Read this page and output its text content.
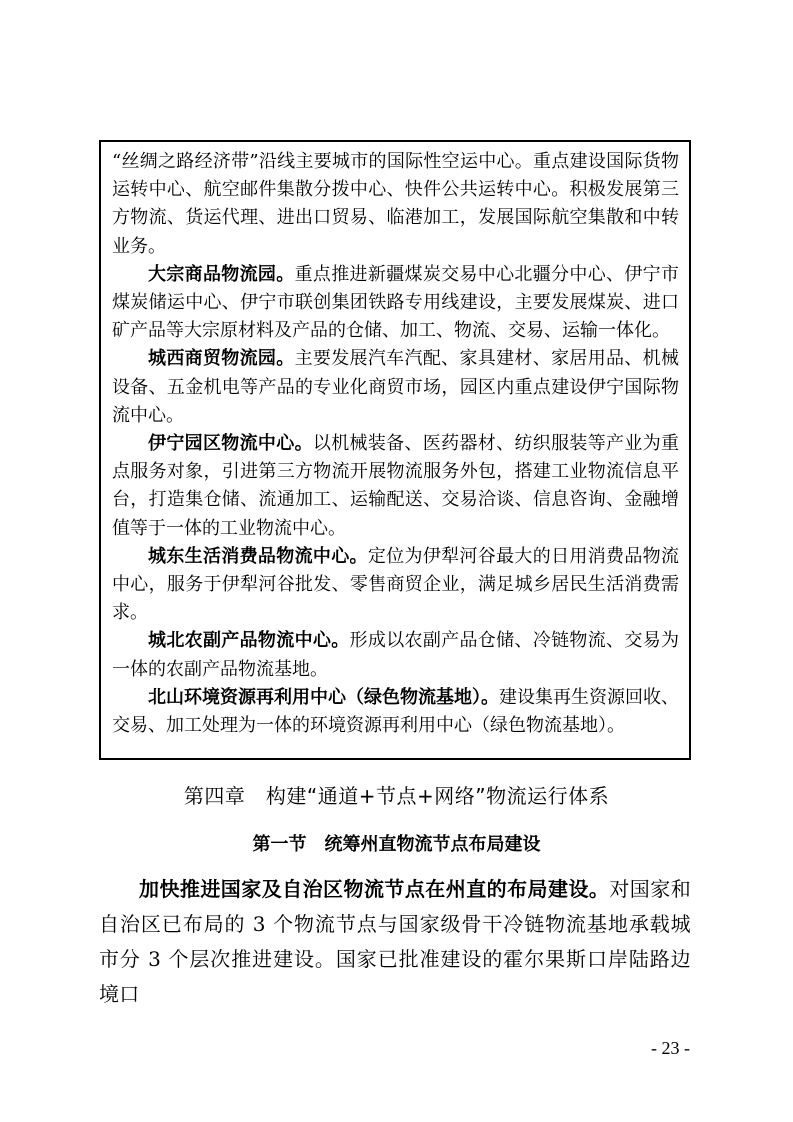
“丝绸之路经济带”沿线主要城市的国际性空运中心。重点建设国际货物运转中心、航空邮件集散分拨中心、快件公共运转中心。积极发展第三方物流、货运代理、进出口贸易、临港加工，发展国际航空集散和中转业务。

大宗商品物流园。重点推进新疆煤炭交易中心北疆分中心、伊宁市煤炭储运中心、伊宁市联创集团铁路专用线建设，主要发展煤炭、进口矿产品等大宗原材料及产品的仓储、加工、物流、交易、运输一体化。

城西商贸物流园。主要发展汽车汽配、家具建材、家居用品、机械设备、五金机电等产品的专业化商贸市场，园区内重点建设伊宁国际物流中心。

伊宁园区物流中心。以机械装备、医药器材、纺织服装等产业为重点服务对象，引进第三方物流开展物流服务外包，搭建工业物流信息平台，打造集仓储、流通加工、运输配送、交易洽谈、信息咨询、金融增值等于一体的工业物流中心。

城东生活消费品物流中心。定位为伊犁河谷最大的日用消费品物流中心，服务于伊犁河谷批发、零售商贸企业，满足城乡居民生活消费需求。

城北农副产品物流中心。形成以农副产品仓储、冷链物流、交易为一体的农副产品物流基地。

北山环境资源再利用中心（绿色物流基地）。建设集再生资源回收、交易、加工处理为一体的环境资源再利用中心（绿色物流基地）。

第四章　构建“通道+节点+网络”物流运行体系
第一节　统筹州直物流节点布局建设

加快推进国家及自治区物流节点在州直的布局建设。对国家和自治区已布局的 3 个物流节点与国家级骨干冷链物流基地承载城市分 3 个层次推进建设。国家已批准建设的霍尔果斯口岸陆路边境口

- 23 -
